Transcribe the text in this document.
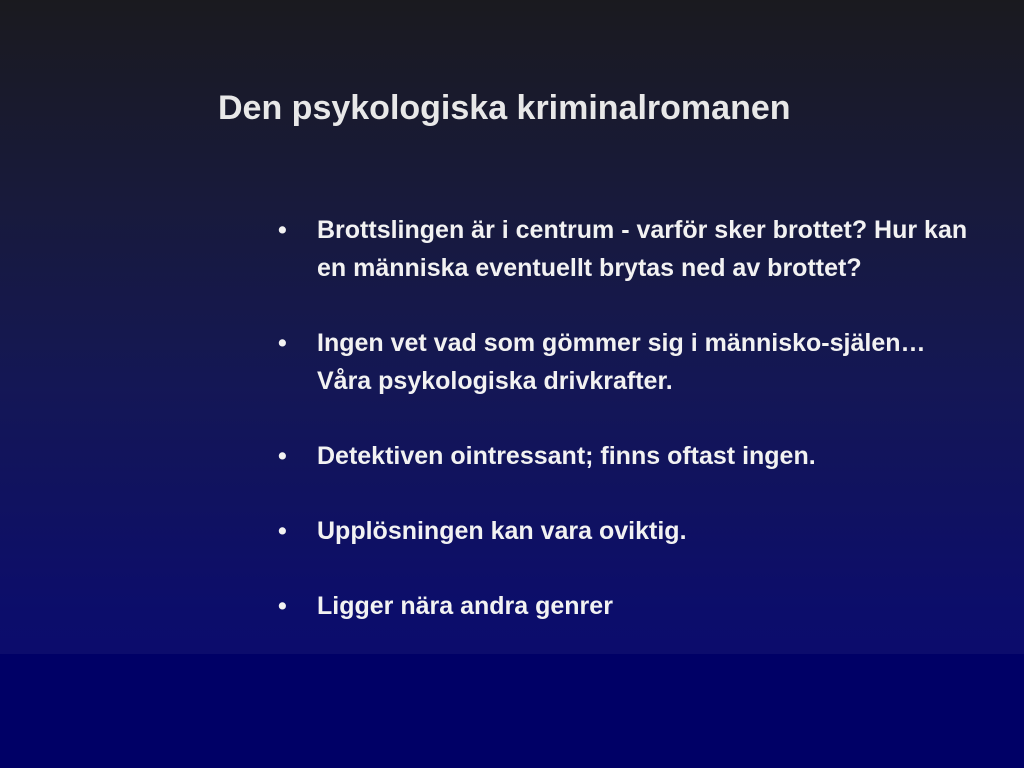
Den psykologiska kriminalromanen
• Brottslingen är i centrum - varför sker brottet? Hur kan en människa eventuellt brytas ned av brottet?
• Ingen vet vad som gömmer sig i människo-själen… Våra psykologiska drivkrafter.
• Detektiven ointressant; finns oftast ingen.
• Upplösningen kan vara oviktig.
• Ligger nära andra genrer
